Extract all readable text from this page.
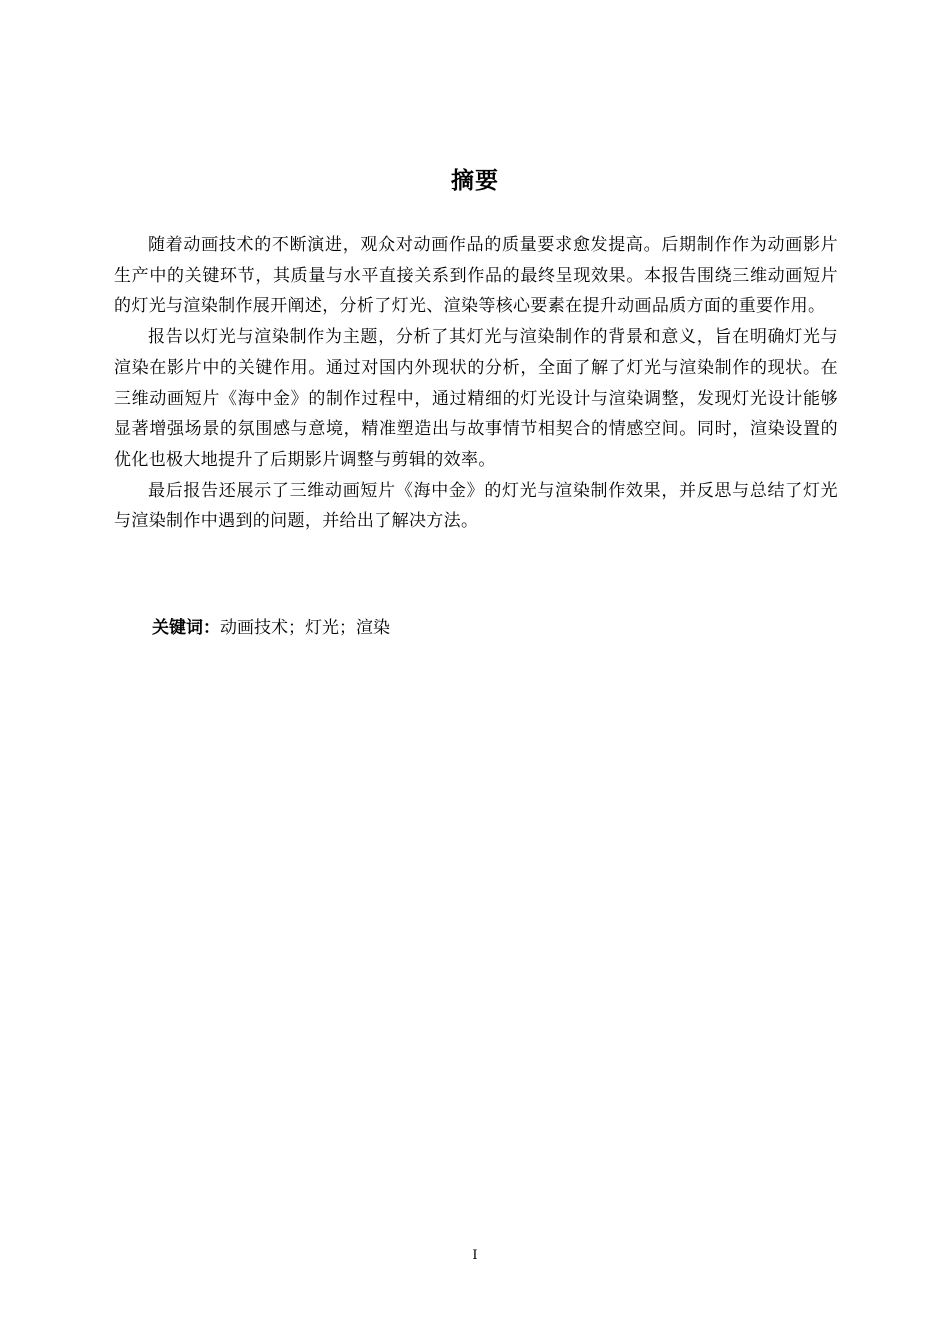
摘要

随着动画技术的不断演进，观众对动画作品的质量要求愈发提高。后期制作作为动画影片生产中的关键环节，其质量与水平直接关系到作品的最终呈现效果。本报告围绕三维动画短片的灯光与渲染制作展开阐述，分析了灯光、渲染等核心要素在提升动画品质方面的重要作用。

报告以灯光与渲染制作为主题，分析了其灯光与渲染制作的背景和意义，旨在明确灯光与渲染在影片中的关键作用。通过对国内外现状的分析，全面了解了灯光与渲染制作的现状。在三维动画短片《海中金》的制作过程中，通过精细的灯光设计与渲染调整，发现灯光设计能够显著增强场景的氛围感与意境，精准塑造出与故事情节相契合的情感空间。同时，渲染设置的优化也极大地提升了后期影片调整与剪辑的效率。

最后报告还展示了三维动画短片《海中金》的灯光与渲染制作效果，并反思与总结了灯光与渲染制作中遇到的问题，并给出了解决方法。

关键词：动画技术；灯光；渲染
I
